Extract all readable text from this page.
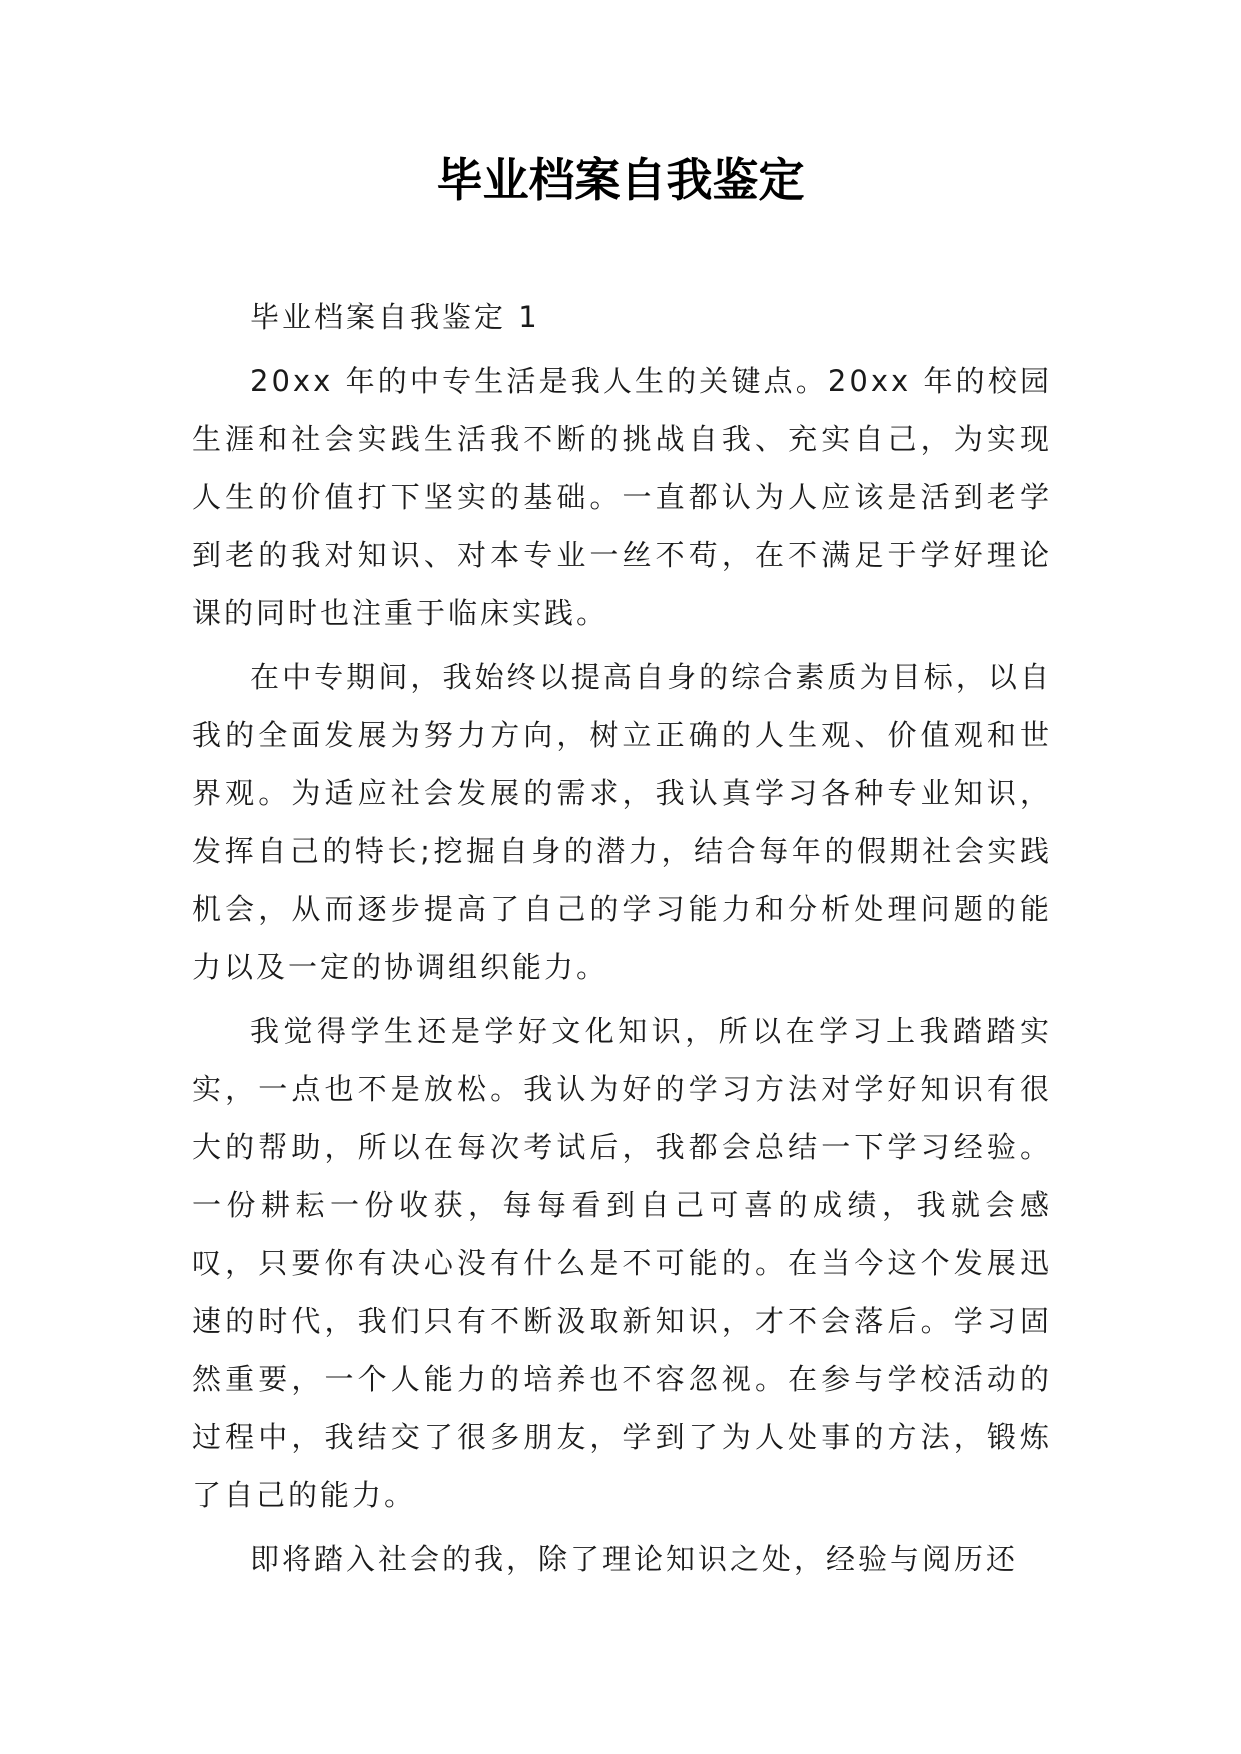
毕业档案自我鉴定

毕业档案自我鉴定 1

20xx 年的中专生活是我人生的关键点。20xx 年的校园生涯和社会实践生活我不断的挑战自我、充实自己，为实现人生的价值打下坚实的基础。一直都认为人应该是活到老学到老的我对知识、对本专业一丝不苟，在不满足于学好理论课的同时也注重于临床实践。

在中专期间，我始终以提高自身的综合素质为目标，以自我的全面发展为努力方向，树立正确的人生观、价值观和世界观。为适应社会发展的需求，我认真学习各种专业知识，发挥自己的特长;挖掘自身的潜力，结合每年的假期社会实践机会，从而逐步提高了自己的学习能力和分析处理问题的能力以及一定的协调组织能力。

我觉得学生还是学好文化知识，所以在学习上我踏踏实实，一点也不是放松。我认为好的学习方法对学好知识有很大的帮助，所以在每次考试后，我都会总结一下学习经验。一份耕耘一份收获，每每看到自己可喜的成绩，我就会感叹，只要你有决心没有什么是不可能的。在当今这个发展迅速的时代，我们只有不断汲取新知识，才不会落后。学习固然重要，一个人能力的培养也不容忽视。在参与学校活动的过程中，我结交了很多朋友，学到了为人处事的方法，锻炼了自己的能力。

即将踏入社会的我，除了理论知识之处，经验与阅历还
